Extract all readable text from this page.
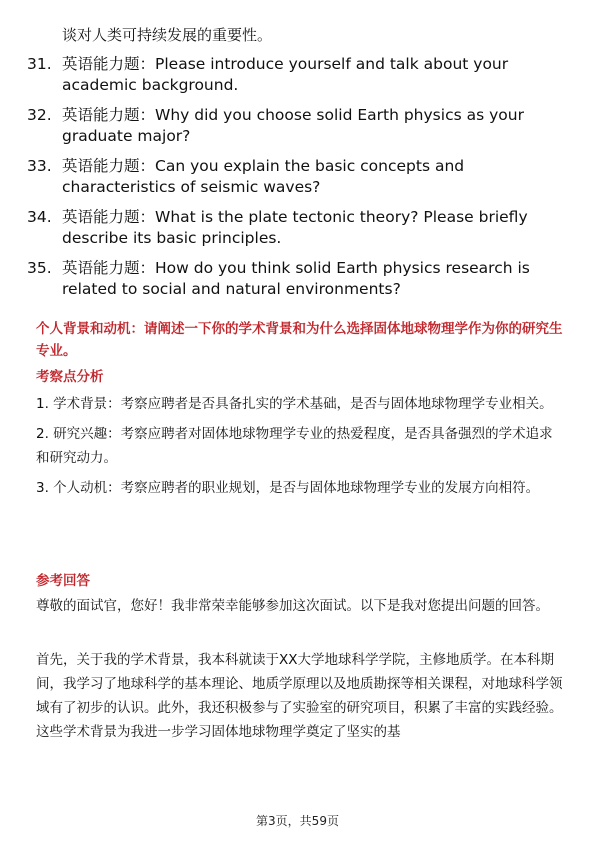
谈对人类可持续发展的重要性。

31. 英语能力题：Please introduce yourself and talk about your academic background.
32. 英语能力题：Why did you choose solid Earth physics as your graduate major?
33. 英语能力题：Can you explain the basic concepts and characteristics of seismic waves?
34. 英语能力题：What is the plate tectonic theory? Please briefly describe its basic principles.
35. 英语能力题：How do you think solid Earth physics research is related to social and natural environments?

个人背景和动机：请阐述一下你的学术背景和为什么选择固体地球物理学作为你的研究生专业。

考察点分析

1. 学术背景：考察应聘者是否具备扎实的学术基础，是否与固体地球物理学专业相关。

2. 研究兴趣：考察应聘者对固体地球物理学专业的热爱程度，是否具备强烈的学术追求和研究动力。

3. 个人动机：考察应聘者的职业规划，是否与固体地球物理学专业的发展方向相符。

参考回答

尊敬的面试官，您好！我非常荣幸能够参加这次面试。以下是我对您提出问题的回答。

首先，关于我的学术背景，我本科就读于XX大学地球科学学院，主修地质学。在本科期间，我学习了地球科学的基本理论、地质学原理以及地质勘探等相关课程，对地球科学领域有了初步的认识。此外，我还积极参与了实验室的研究项目，积累了丰富的实践经验。这些学术背景为我进一步学习固体地球物理学奠定了坚实的基

第3页，共59页
